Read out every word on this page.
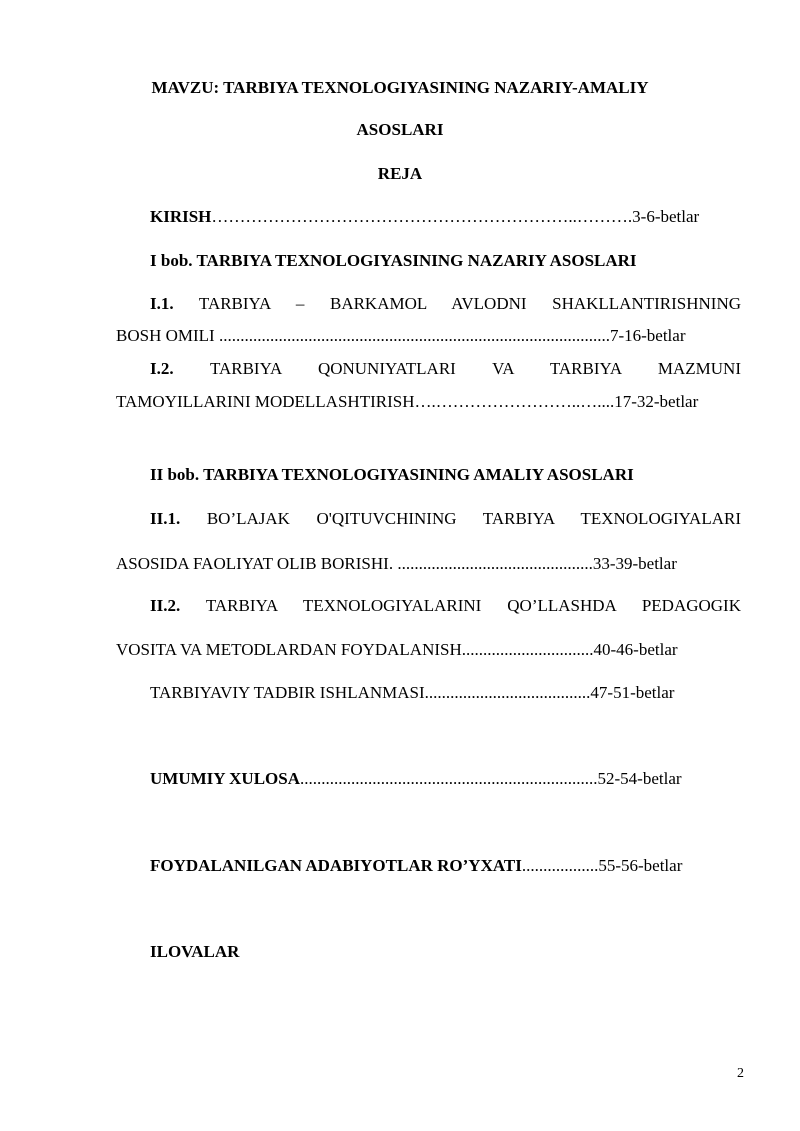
MAVZU: TARBIYA TEXNOLOGIYASINING NAZARIY-AMALIY
ASOSLARI
REJA
KIRISH………………………………………………………..……….3-6-betlar
I bob. TARBIYA TEXNOLOGIYASINING NAZARIY ASOSLARI
I.1. TARBIYA – BARKAMOL AVLODNI SHAKLLANTIRISHNING
BOSH OMILI ............................................................................................7-16-betlar
I.2. TARBIYA QONUNIYATLARI VA TARBIYA MAZMUNI
TAMOYILLARINI MODELLASHTIRISH….……………………..…....17-32-betlar
II bob. TARBIYA TEXNOLOGIYASINING AMALIY ASOSLARI
II.1. BO’LAJAK O'QITUVCHINING TARBIYA TEXNOLOGIYALARI
ASOSIDA FAOLIYAT OLIB BORISHI. ..............................................33-39-betlar
II.2. TARBIYA TEXNOLOGIYALARINI QO’LLASHDA PEDAGOGIK
VOSITA VA METODLARDAN FOYDALANISH...............................40-46-betlar
TARBIYAVIY TADBIR ISHLANMASI.......................................47-51-betlar
UMUMIY XULOSA......................................................................52-54-betlar
FOYDALANILGAN ADABIYOTLAR RO’YXATI..................55-56-betlar
ILOVALAR
2
